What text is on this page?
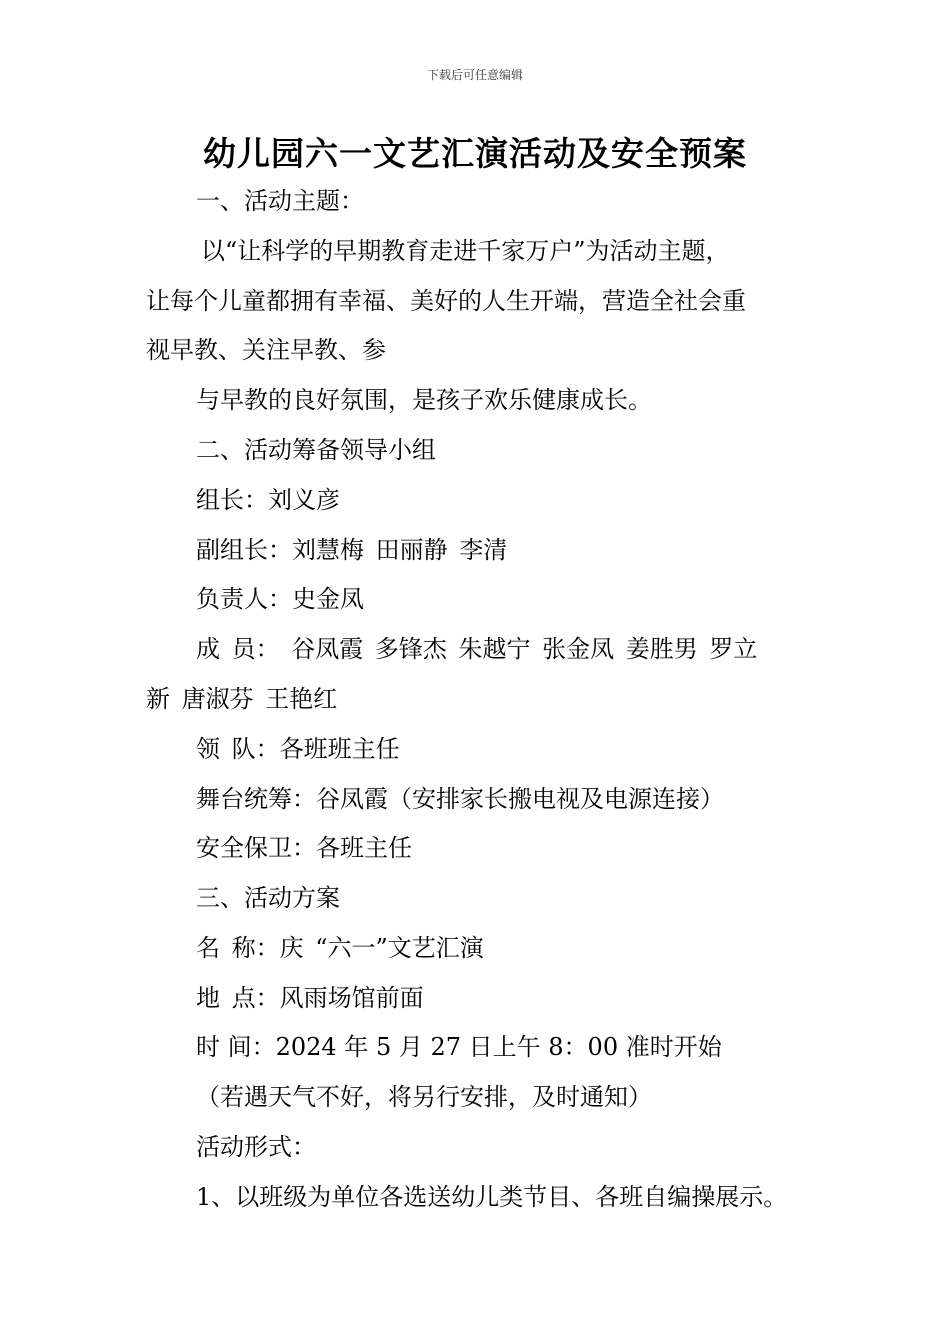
下载后可任意编辑
幼儿园六一文艺汇演活动及安全预案
一、活动主题：
以“让科学的早期教育走进千家万户”为活动主题，
让每个儿童都拥有幸福、美好的人生开端，营造全社会重
视早教、关注早教、参
与早教的良好氛围，是孩子欢乐健康成长。
二、活动筹备领导小组
组长：刘义彦
副组长：刘慧梅 田丽静 李清
负责人：史金凤
成 员： 谷凤霞 多锋杰 朱越宁 张金凤 姜胜男 罗立
新 唐淑芬 王艳红
领 队：各班班主任
舞台统筹：谷凤霞（安排家长搬电视及电源连接）
安全保卫：各班主任
三、活动方案
名 称：庆 “六一”文艺汇演
地 点：风雨场馆前面
时 间：2024 年 5 月 27 日上午 8：00 准时开始
（若遇天气不好，将另行安排，及时通知）
活动形式：
1、以班级为单位各选送幼儿类节目、各班自编操展示。
